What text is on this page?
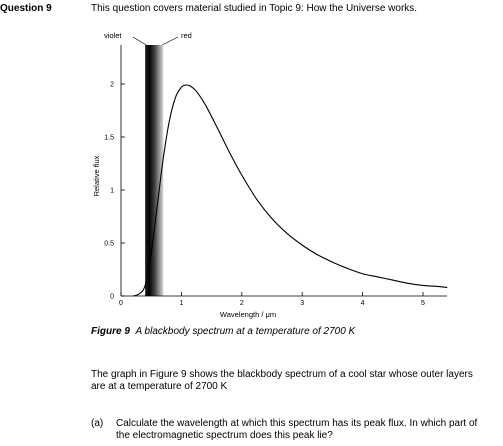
Question 9	This question covers material studied in Topic 9: How the Universe works.
0
0.5
1
1.5
2
0	1	2	3	4	5
Wavelength / μm
Relative flux
violet	red
Figure 9 A blackbody spectrum at a temperature of 2700 K
The graph in Figure 9 shows the blackbody spectrum of a cool star whose outer layers are at a temperature of 2700 K
(a) Calculate the wavelength at which this spectrum has its peak flux. In which part of the electromagnetic spectrum does this peak lie?
